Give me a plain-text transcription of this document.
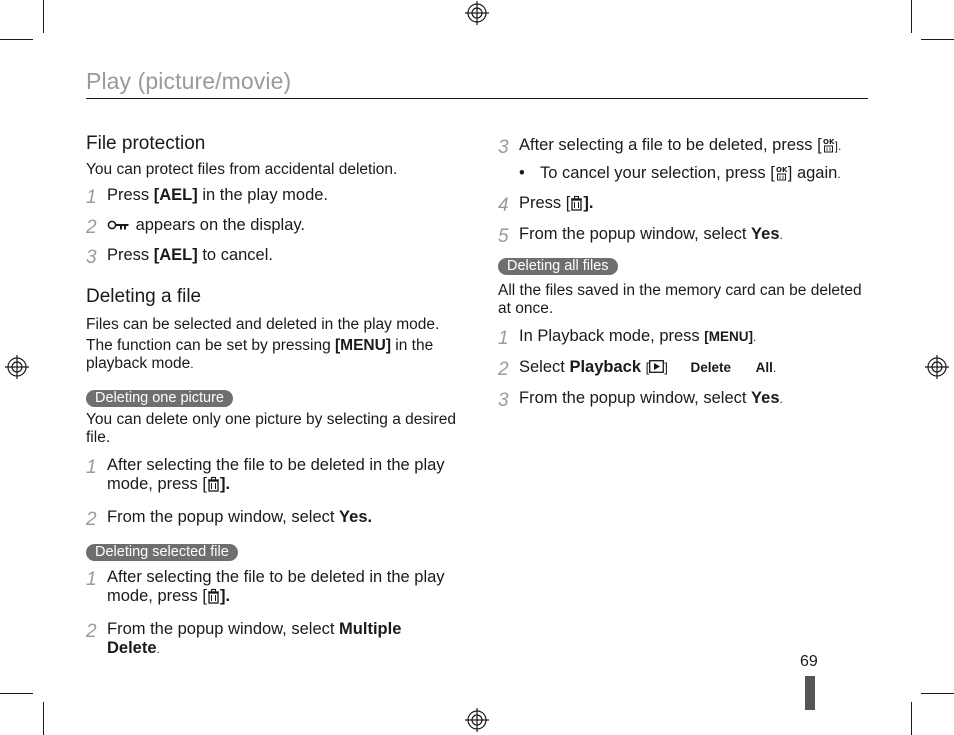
Play (picture/movie)
File protection

You can protect files from accidental deletion.

1 Press [AEL] in the play mode.
2	appears on the display.
3 Press [AEL] to cancel.
Deleting a file

Files can be selected and deleted in the play mode.

The function can be set by pressing [MENU] in the playback mode.

Deleting one picture

You can delete only one picture by selecting a desired file.

1 After selecting the file to be deleted in the play mode, press [ ].
2 From the popup window, select Yes.
Deleting selected file
1 After selecting the file to be deleted in the play mode, press [ ].
2 From the popup window, select Multiple Delete.
3 After selecting a file to be deleted, press [ OK ].
• To cancel your selection, press [ OK ] again.
4 Press [ ].
5 From the popup window, select Yes.
Deleting all files

All the files saved in the memory card can be deleted at once.

1 In Playback mode, press [MENU].
2 Select Playback [ ] Delete All.
3 From the popup window, select Yes.
69
